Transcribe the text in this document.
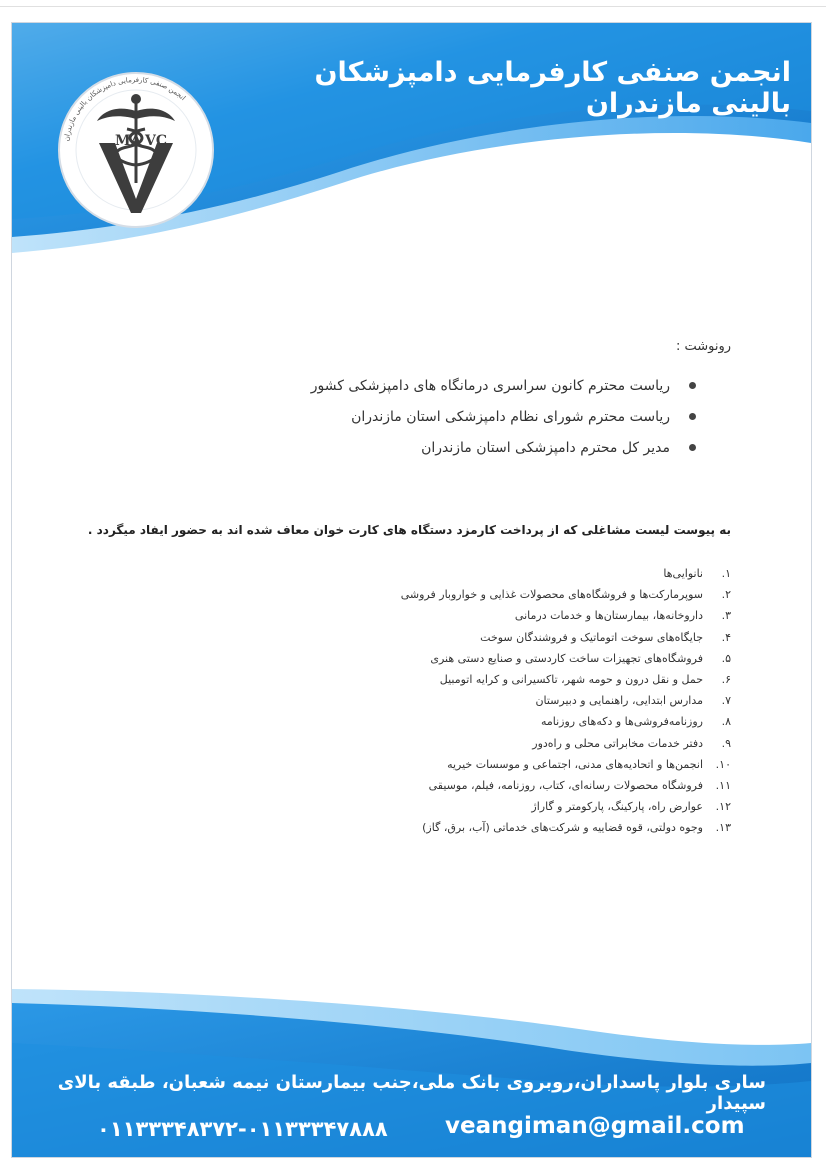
انجمن صنفی کارفرمایی دامپزشکان بالینی مازندران
MA VC
انجمن صنفی کارفرمایی دامپزشکان بالینی مازندران
رونوشت :
ریاست محترم کانون سراسری درمانگاه های دامپزشکی کشور
ریاست محترم شورای نظام دامپزشکی استان مازندران
مدیر کل محترم دامپزشکی استان مازندران
به پیوست لیست مشاغلی که از پرداخت کارمزد دستگاه های کارت خوان معاف شده اند به حضور ایفاد میگردد .
۱.
نانوایی‌ها
۲.
سوپرمارکت‌ها و فروشگاه‌های محصولات غذایی و خواروبار فروشی
۳.
داروخانه‌ها، بیمارستان‌ها و خدمات درمانی
۴.
جایگاه‌های سوخت اتوماتیک و فروشندگان سوخت
۵.
فروشگاه‌های تجهیزات ساخت کاردستی و صنایع دستی هنری
۶.
حمل و نقل درون و حومه شهر، تاکسیرانی و کرایه اتومبیل
۷.
مدارس ابتدایی، راهنمایی و دبیرستان
۸.
روزنامه‌فروشی‌ها و دکه‌های روزنامه
۹.
دفتر خدمات مخابراتی محلی و راه‌دور
۱۰.
انجمن‌ها و اتحادیه‌های مدنی، اجتماعی و موسسات خیریه
۱۱.
فروشگاه محصولات رسانه‌ای، کتاب، روزنامه، فیلم، موسیقی
۱۲.
عوارض راه، پارکینگ، پارکومتر و گاراژ
۱۳.
وجوه دولتی، قوه قضاییه و شرکت‌های خدماتی (آب، برق، گاز)
ساری بلوار پاسداران،روبروی بانک ملی،جنب بیمارستان نیمه شعبان، طبقه بالای سپیدار
veangiman@gmail.com
۰۱۱۳۳۳۴۸۳۷۲-۰۱۱۳۳۳۴۷۸۸۸
